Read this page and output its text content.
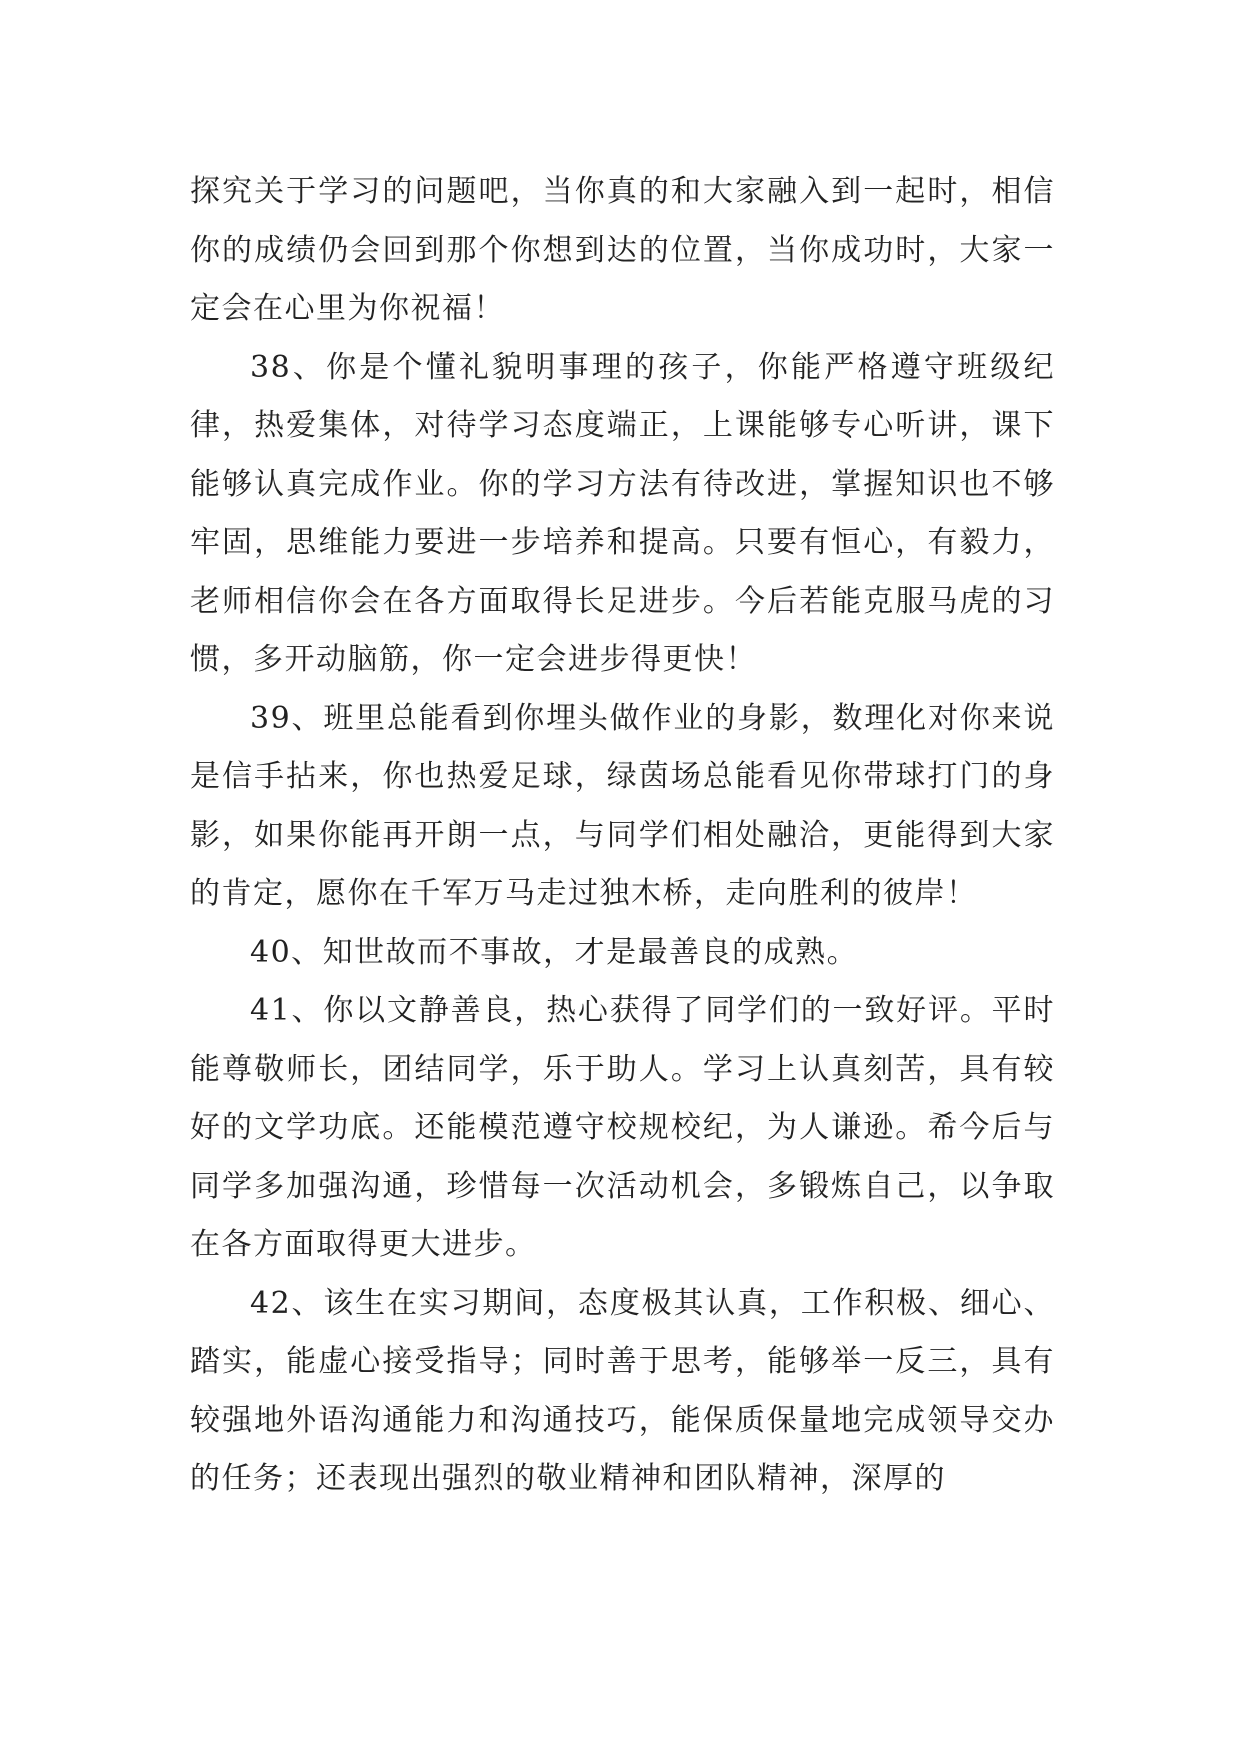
探究关于学习的问题吧，当你真的和大家融入到一起时，相信你的成绩仍会回到那个你想到达的位置，当你成功时，大家一定会在心里为你祝福！

38、你是个懂礼貌明事理的孩子，你能严格遵守班级纪律，热爱集体，对待学习态度端正，上课能够专心听讲，课下能够认真完成作业。你的学习方法有待改进，掌握知识也不够牢固，思维能力要进一步培养和提高。只要有恒心，有毅力，老师相信你会在各方面取得长足进步。今后若能克服马虎的习惯，多开动脑筋，你一定会进步得更快！

39、班里总能看到你埋头做作业的身影，数理化对你来说是信手拈来，你也热爱足球，绿茵场总能看见你带球打门的身影，如果你能再开朗一点，与同学们相处融洽，更能得到大家的肯定，愿你在千军万马走过独木桥，走向胜利的彼岸！

40、知世故而不事故，才是最善良的成熟。

41、你以文静善良，热心获得了同学们的一致好评。平时能尊敬师长，团结同学，乐于助人。学习上认真刻苦，具有较好的文学功底。还能模范遵守校规校纪，为人谦逊。希今后与同学多加强沟通，珍惜每一次活动机会，多锻炼自己，以争取在各方面取得更大进步。

42、该生在实习期间，态度极其认真，工作积极、细心、踏实，能虚心接受指导；同时善于思考，能够举一反三，具有较强地外语沟通能力和沟通技巧，能保质保量地完成领导交办的任务；还表现出强烈的敬业精神和团队精神，深厚的
